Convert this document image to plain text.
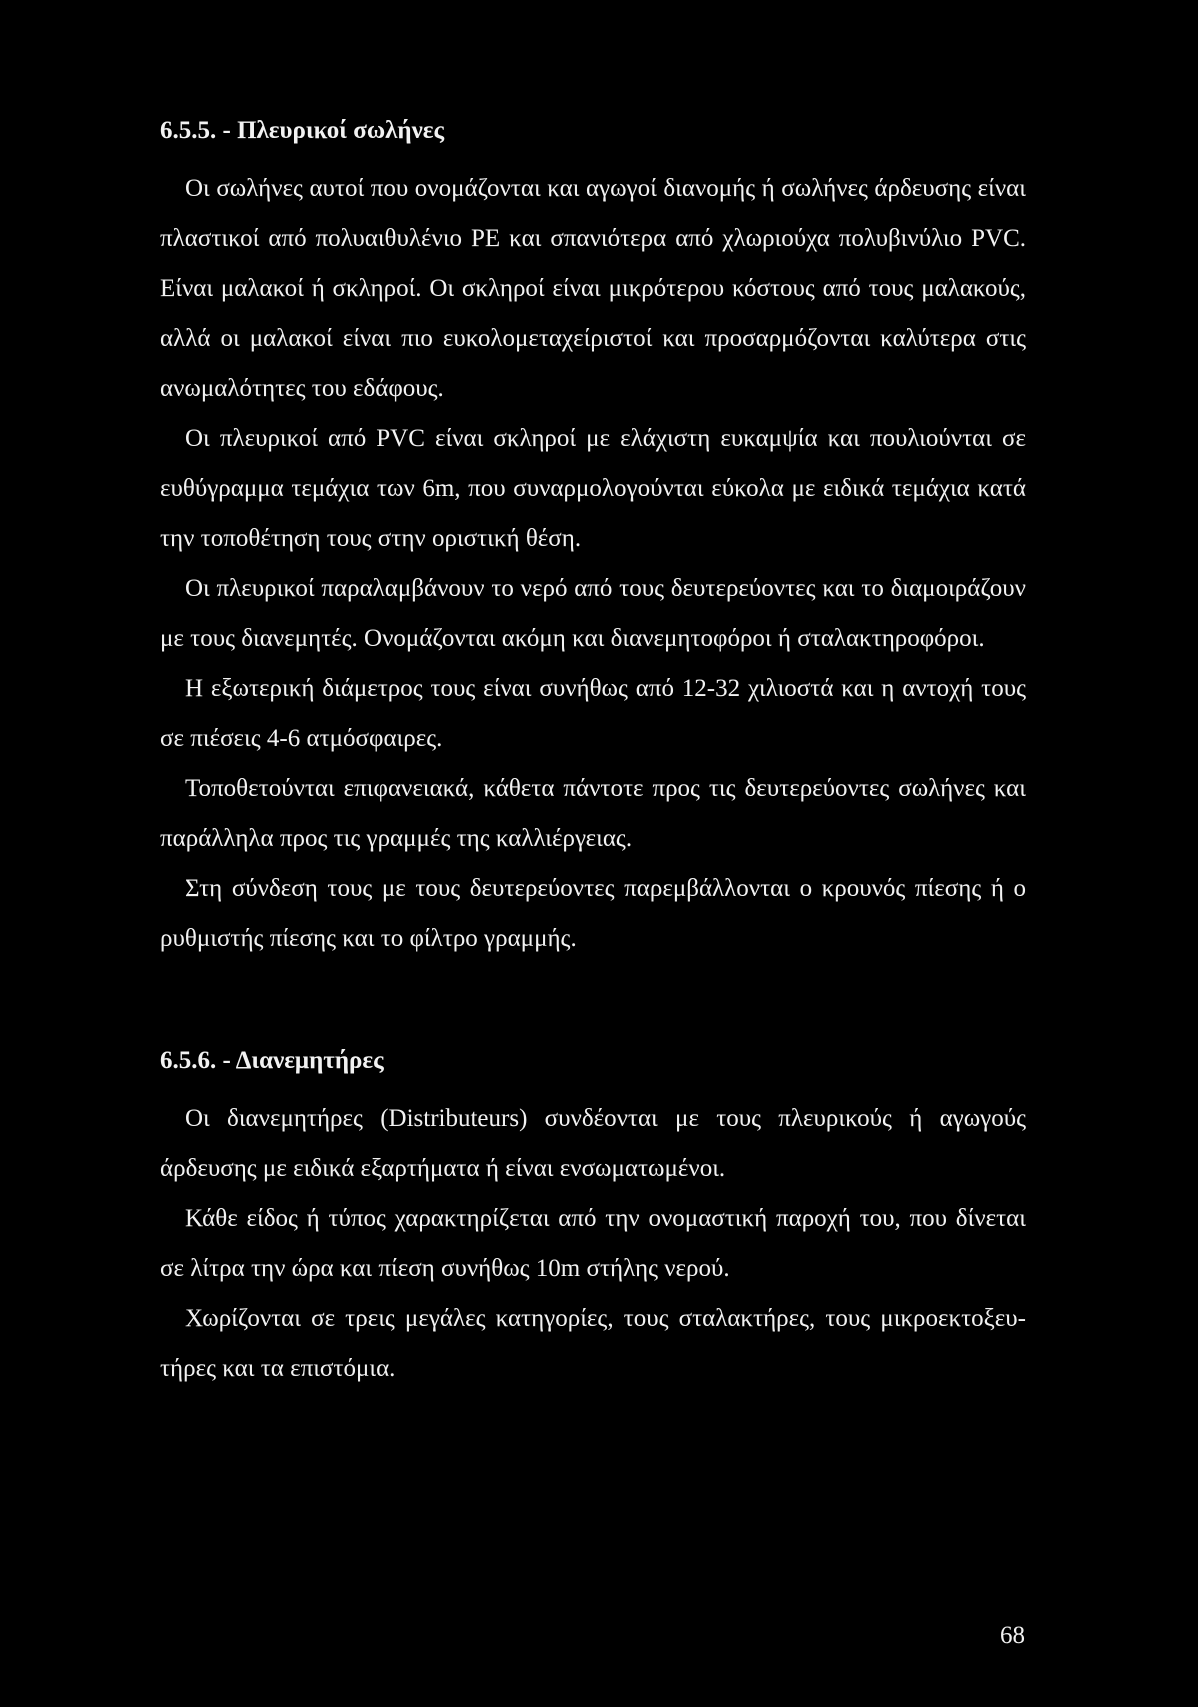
6.5.5. - Πλευρικοί σωλήνες

Οι σωλήνες αυτοί που ονομάζονται και αγωγοί διανομής ή σωλήνες άρδευσης είναι πλαστικοί από πολυαιθυλένιο ΡΕ και σπανιότερα από χλωριούχα πολυβινύλιο PVC. Είναι μαλακοί ή σκληροί. Οι σκληροί είναι μικρότερου κόστους από τους μαλακούς, αλλά οι μαλακοί είναι πιο ευκολομεταχείριστοί και προσαρμόζονται καλύτερα στις ανωμαλότητες του εδάφους.

Οι πλευρικοί από PVC είναι σκληροί με ελάχιστη ευκαμψία και πουλιούνται σε ευθύγραμμα τεμάχια των 6m, που συναρμολογούνται εύκολα με ειδικά τεμάχια κατά την τοποθέτηση τους στην οριστική θέση.

Οι πλευρικοί παραλαμβάνουν το νερό από τους δευτερεύοντες και το διαμοιράζουν με τους διανεμητές. Ονομάζονται ακόμη και διανεμητοφόροι ή σταλακτηροφόροι.

Η εξωτερική διάμετρος τους είναι συνήθως από 12-32 χιλιοστά και η αντοχή τους σε πιέσεις 4-6 ατμόσφαιρες.

Τοποθετούνται επιφανειακά, κάθετα πάντοτε προς τις δευτερεύοντες σωλήνες και παράλληλα προς τις γραμμές της καλλιέργειας.

Στη σύνδεση τους με τους δευτερεύοντες παρεμβάλλονται ο κρουνός πίεσης ή ο ρυθμιστής πίεσης και το φίλτρο γραμμής.

6.5.6. - Διανεμητήρες

Οι διανεμητήρες (Distributeurs) συνδέονται με τους πλευρικούς ή αγωγούς άρδευσης με ειδικά εξαρτήματα ή είναι ενσωματωμένοι.

Κάθε είδος ή τύπος χαρακτηρίζεται από την ονομαστική παροχή του, που δίνεται σε λίτρα την ώρα και πίεση συνήθως 10m στήλης νερού.

Χωρίζονται σε τρεις μεγάλες κατηγορίες, τους σταλακτήρες, τους μικροεκτοξευ-τήρες και τα επιστόμια.

68
